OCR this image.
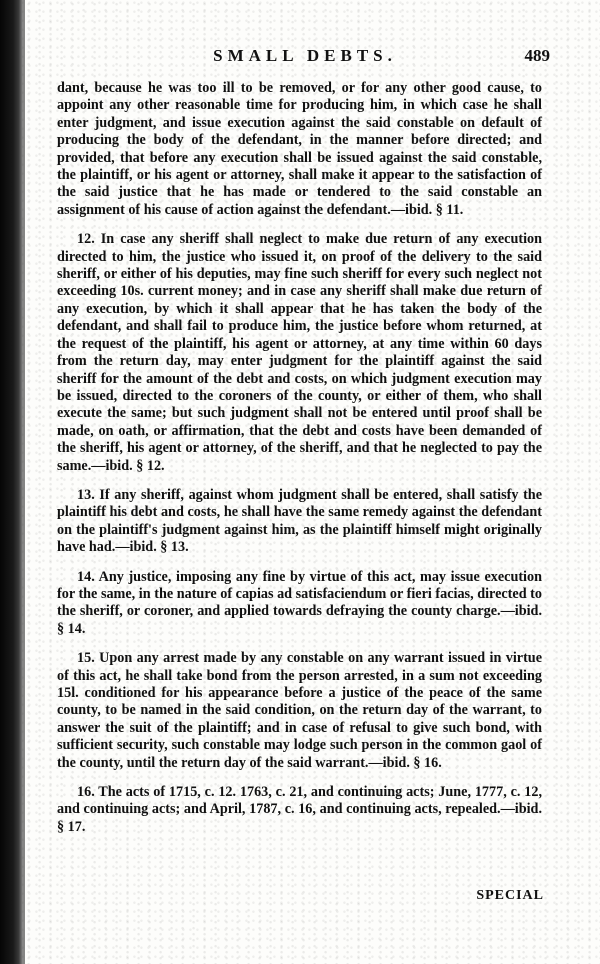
SMALL DEBTS.	489

dant, because he was too ill to be removed, or for any other good cause, to appoint any other reasonable time for producing him, in which case he shall enter judgment, and issue execution against the said constable on default of producing the body of the defendant, in the manner before directed; and provided, that before any execution shall be issued against the said constable, the plaintiff, or his agent or attorney, shall make it appear to the satisfaction of the said justice that he has made or tendered to the said constable an assignment of his cause of action against the defendant.—ibid. § 11.

12. In case any sheriff shall neglect to make due return of any execution directed to him, the justice who issued it, on proof of the delivery to the said sheriff, or either of his deputies, may fine such sheriff for every such neglect not exceeding 10s. current money; and in case any sheriff shall make due return of any execution, by which it shall appear that he has taken the body of the defendant, and shall fail to produce him, the justice before whom returned, at the request of the plaintiff, his agent or attorney, at any time within 60 days from the return day, may enter judgment for the plaintiff against the said sheriff for the amount of the debt and costs, on which judgment execution may be issued, directed to the coroners of the county, or either of them, who shall execute the same; but such judgment shall not be entered until proof shall be made, on oath, or affirmation, that the debt and costs have been demanded of the sheriff, his agent or attorney, of the sheriff, and that he neglected to pay the same.—ibid. § 12.

13. If any sheriff, against whom judgment shall be entered, shall satisfy the plaintiff his debt and costs, he shall have the same remedy against the defendant on the plaintiff's judgment against him, as the plaintiff himself might originally have had.—ibid. § 13.

14. Any justice, imposing any fine by virtue of this act, may issue execution for the same, in the nature of capias ad satisfaciendum or fieri facias, directed to the sheriff, or coroner, and applied towards defraying the county charge.—ibid. § 14.

15. Upon any arrest made by any constable on any warrant issued in virtue of this act, he shall take bond from the person arrested, in a sum not exceeding 15l. conditioned for his appearance before a justice of the peace of the same county, to be named in the said condition, on the return day of the warrant, to answer the suit of the plaintiff; and in case of refusal to give such bond, with sufficient security, such constable may lodge such person in the common gaol of the county, until the return day of the said warrant.—ibid. § 16.

16. The acts of 1715, c. 12. 1763, c. 21, and continuing acts; June, 1777, c. 12, and continuing acts; and April, 1787, c. 16, and continuing acts, repealed.—ibid. § 17.

SPECIAL
